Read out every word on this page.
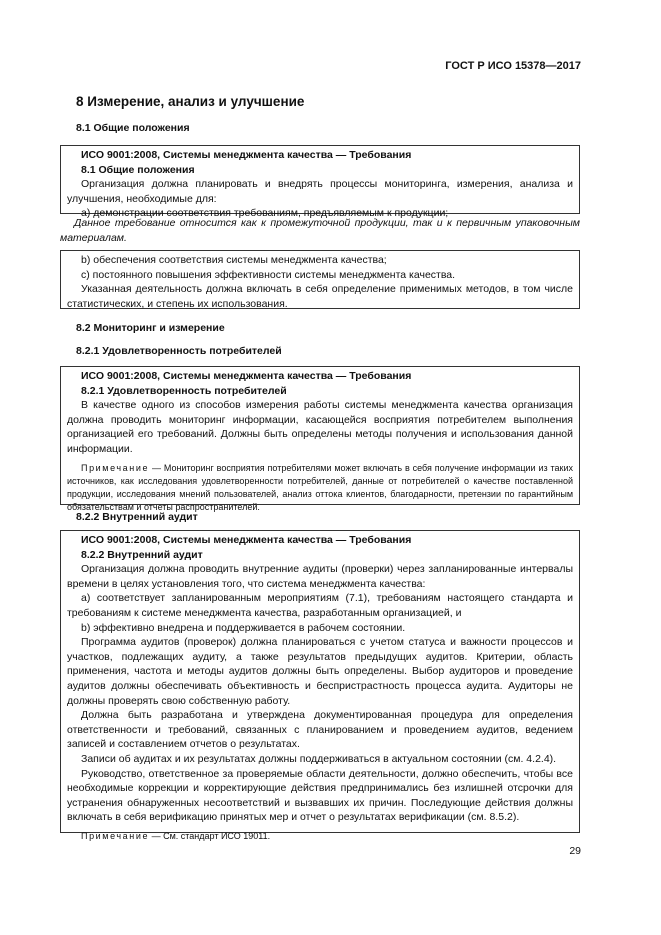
ГОСТ Р ИСО 15378—2017
8 Измерение, анализ и улучшение
8.1 Общие положения

ИСО 9001:2008, Системы менеджмента качества — Требования

8.1 Общие положения

Организация должна планировать и внедрять процессы мониторинга, измерения, анализа и улучшения, необходимые для:

a) демонстрации соответствия требованиям, предъявляемым к продукции;

Данное требование относится как к промежуточной продукции, так и к первичным упаковочным материалам.

b) обеспечения соответствия системы менеджмента качества;

c) постоянного повышения эффективности системы менеджмента качества.

Указанная деятельность должна включать в себя определение применимых методов, в том числе статистических, и степень их использования.

8.2 Мониторинг и измерение
8.2.1 Удовлетворенность потребителей

ИСО 9001:2008, Системы менеджмента качества — Требования

8.2.1 Удовлетворенность потребителей

В качестве одного из способов измерения работы системы менеджмента качества организация должна проводить мониторинг информации, касающейся восприятия потребителем выполнения организацией его требований. Должны быть определены методы получения и использования данной информации.

Примечание — Мониторинг восприятия потребителями может включать в себя получение информации из таких источников, как исследования удовлетворенности потребителей, данные от потребителей о качестве поставленной продукции, исследования мнений пользователей, анализ оттока клиентов, благодарности, претензии по гарантийным обязательствам и отчеты распространителей.

8.2.2 Внутренний аудит

ИСО 9001:2008, Системы менеджмента качества — Требования

8.2.2 Внутренний аудит

Организация должна проводить внутренние аудиты (проверки) через запланированные интервалы времени в целях установления того, что система менеджмента качества:

a) соответствует запланированным мероприятиям (7.1), требованиям настоящего стандарта и требованиям к системе менеджмента качества, разработанным организацией, и

b) эффективно внедрена и поддерживается в рабочем состоянии.

Программа аудитов (проверок) должна планироваться с учетом статуса и важности процессов и участков, подлежащих аудиту, а также результатов предыдущих аудитов. Критерии, область применения, частота и методы аудитов должны быть определены. Выбор аудиторов и проведение аудитов должны обеспечивать объективность и беспристрастность процесса аудита. Аудиторы не должны проверять свою собственную работу.

Должна быть разработана и утверждена документированная процедура для определения ответственности и требований, связанных с планированием и проведением аудитов, ведением записей и составлением отчетов о результатах.

Записи об аудитах и их результатах должны поддерживаться в актуальном состоянии (см. 4.2.4).

Руководство, ответственное за проверяемые области деятельности, должно обеспечить, чтобы все необходимые коррекции и корректирующие действия предпринимались без излишней отсрочки для устранения обнаруженных несоответствий и вызвавших их причин. Последующие действия должны включать в себя верификацию принятых мер и отчет о результатах верификации (см. 8.5.2).

Примечание — См. стандарт ИСО 19011.

29
